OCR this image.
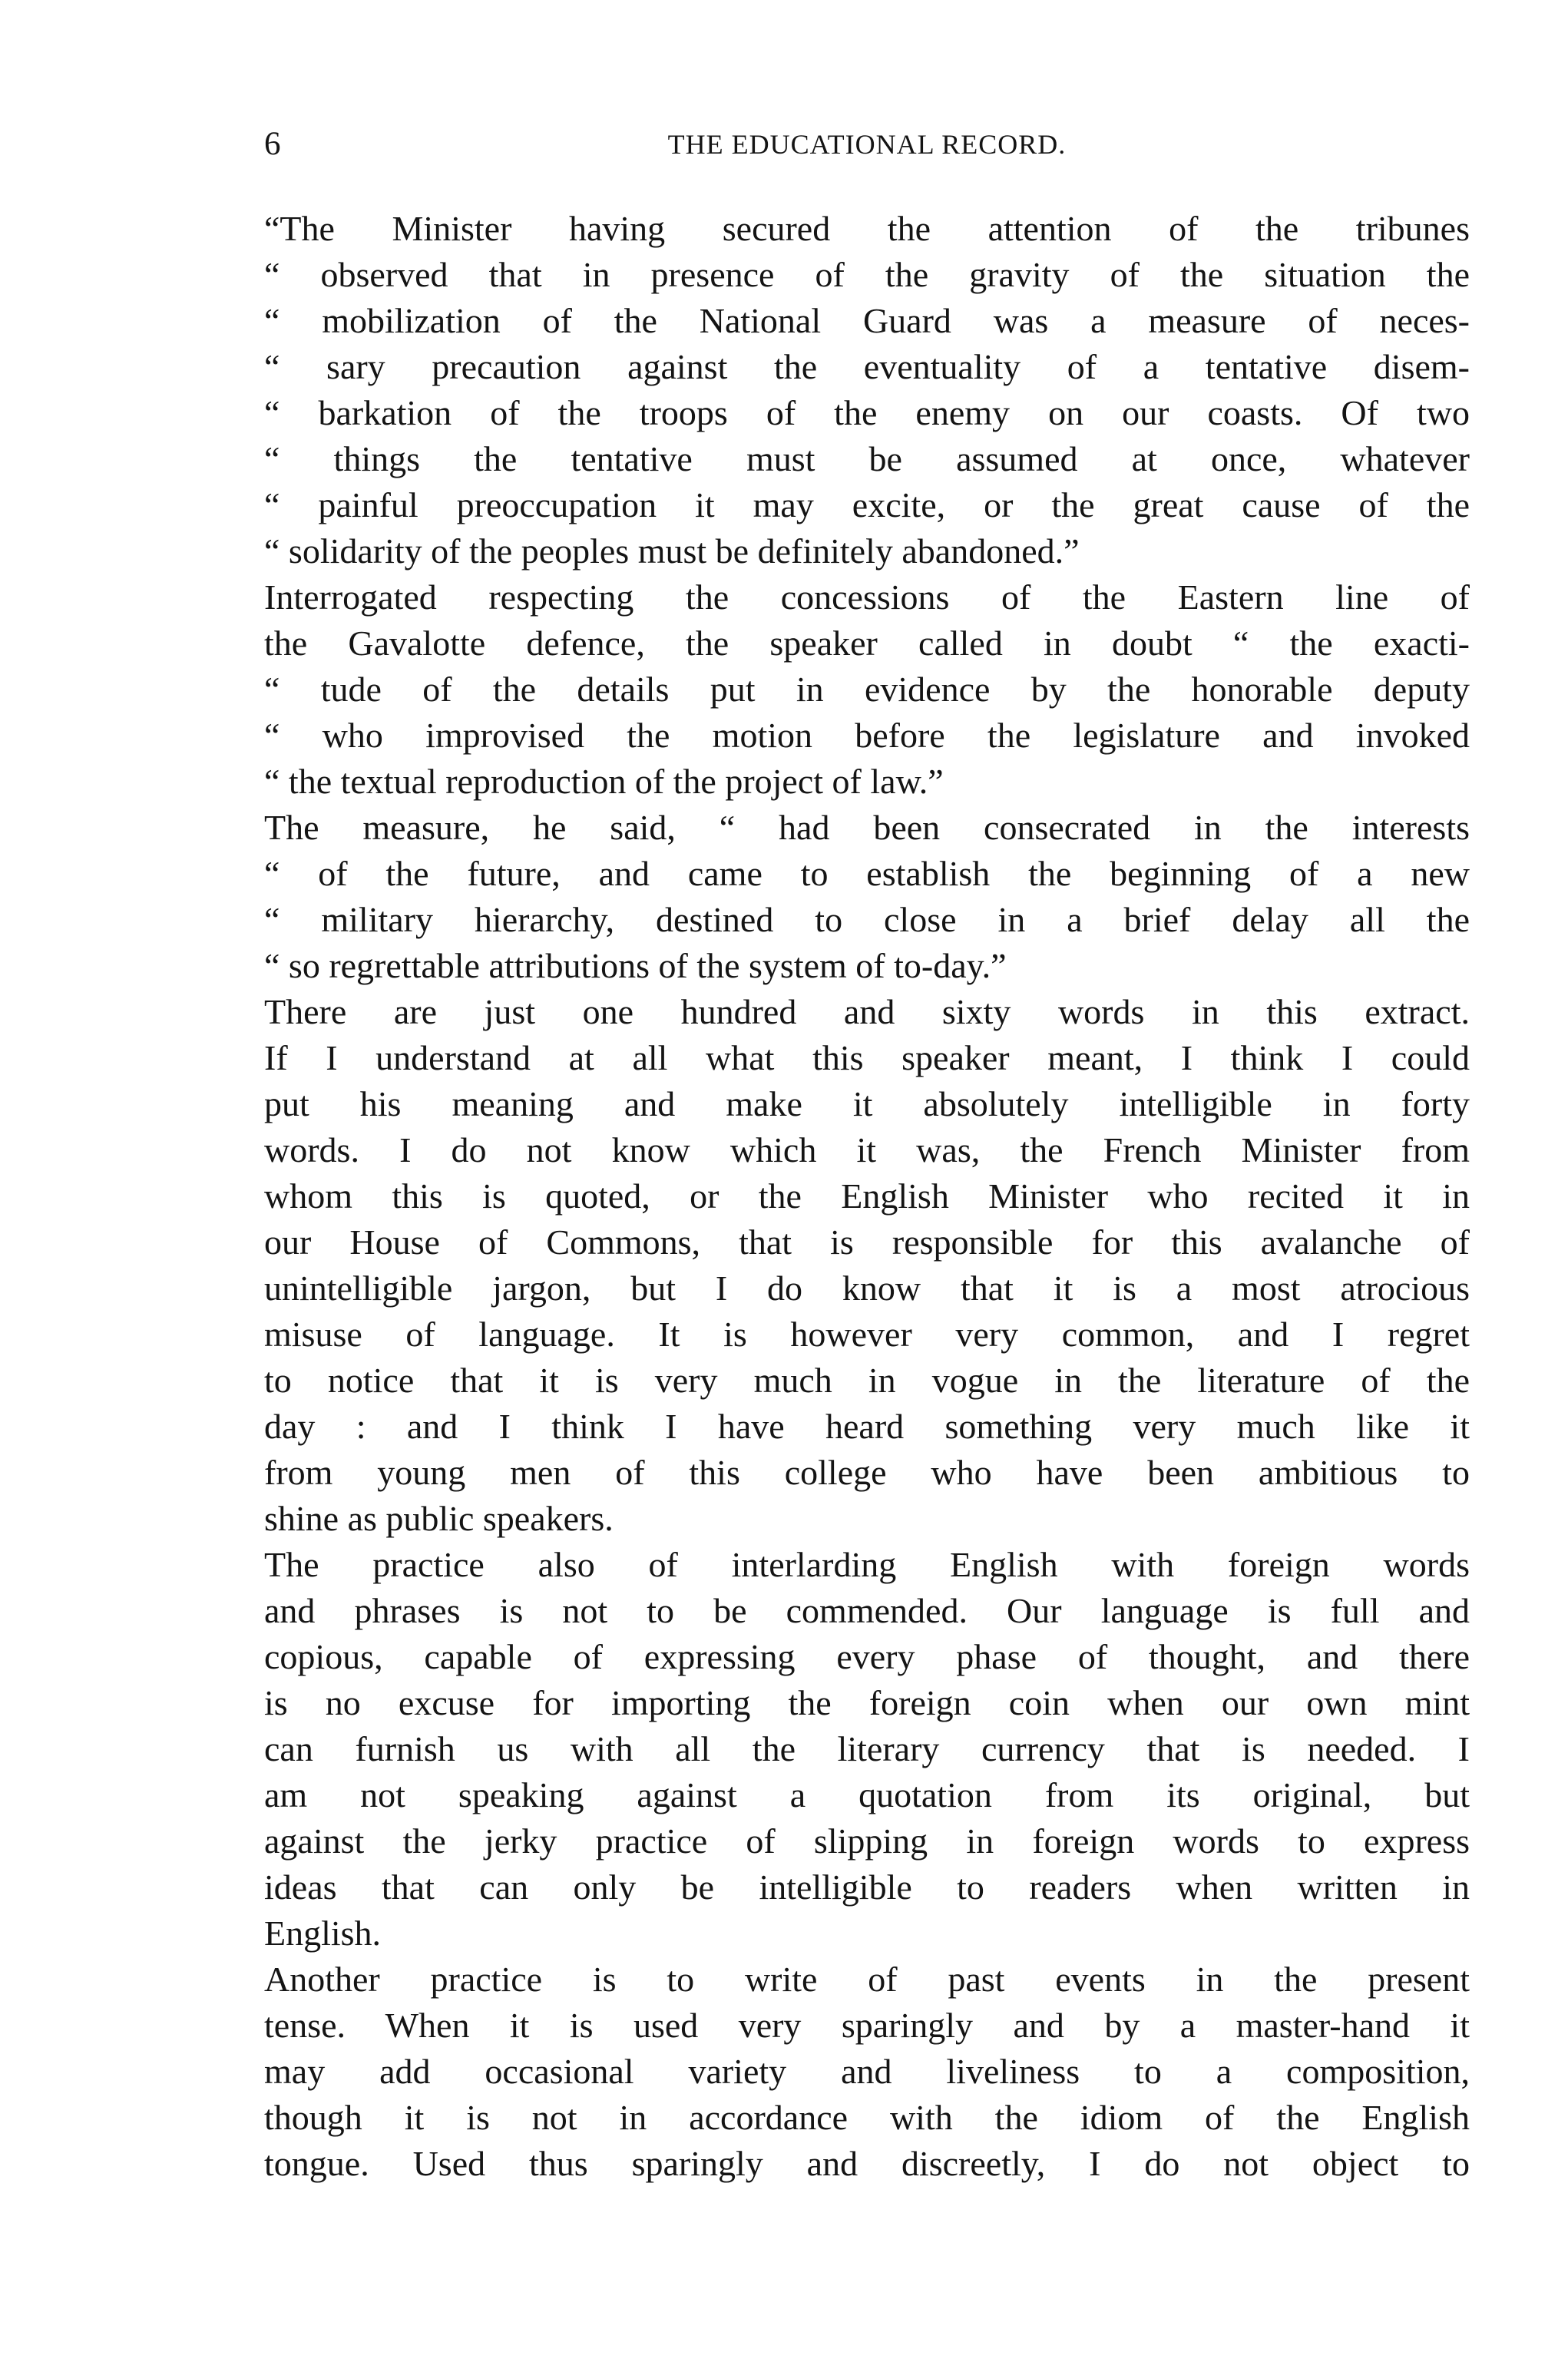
6	THE EDUCATIONAL RECORD.
“The Minister having secured the attention of the tribunes
“ observed that in presence of the gravity of the situation the
“ mobilization of the National Guard was a measure of neces-
“ sary precaution against the eventuality of a tentative disem-
“ barkation of the troops of the enemy on our coasts. Of two
“ things the tentative must be assumed at once, whatever
“ painful preoccupation it may excite, or the great cause of the
“ solidarity of the peoples must be definitely abandoned.”
Interrogated respecting the concessions of the Eastern line of
the Gavalotte defence, the speaker called in doubt “ the exacti-
“ tude of the details put in evidence by the honorable deputy
“ who improvised the motion before the legislature and invoked
“ the textual reproduction of the project of law.”
The measure, he said, “ had been consecrated in the interests
“ of the future, and came to establish the beginning of a new
“ military hierarchy, destined to close in a brief delay all the
“ so regrettable attributions of the system of to-day.”
There are just one hundred and sixty words in this extract.
If I understand at all what this speaker meant, I think I could
put his meaning and make it absolutely intelligible in forty
words. I do not know which it was, the French Minister from
whom this is quoted, or the English Minister who recited it in
our House of Commons, that is responsible for this avalanche of
unintelligible jargon, but I do know that it is a most atrocious
misuse of language. It is however very common, and I regret
to notice that it is very much in vogue in the literature of the
day : and I think I have heard something very much like it
from young men of this college who have been ambitious to
shine as public speakers.
The practice also of interlarding English with foreign words
and phrases is not to be commended. Our language is full and
copious, capable of expressing every phase of thought, and there
is no excuse for importing the foreign coin when our own mint
can furnish us with all the literary currency that is needed. I
am not speaking against a quotation from its original, but
against the jerky practice of slipping in foreign words to express
ideas that can only be intelligible to readers when written in
English.
Another practice is to write of past events in the present
tense. When it is used very sparingly and by a master-hand it
may add occasional variety and liveliness to a composition,
though it is not in accordance with the idiom of the English
tongue. Used thus sparingly and discreetly, I do not object to
